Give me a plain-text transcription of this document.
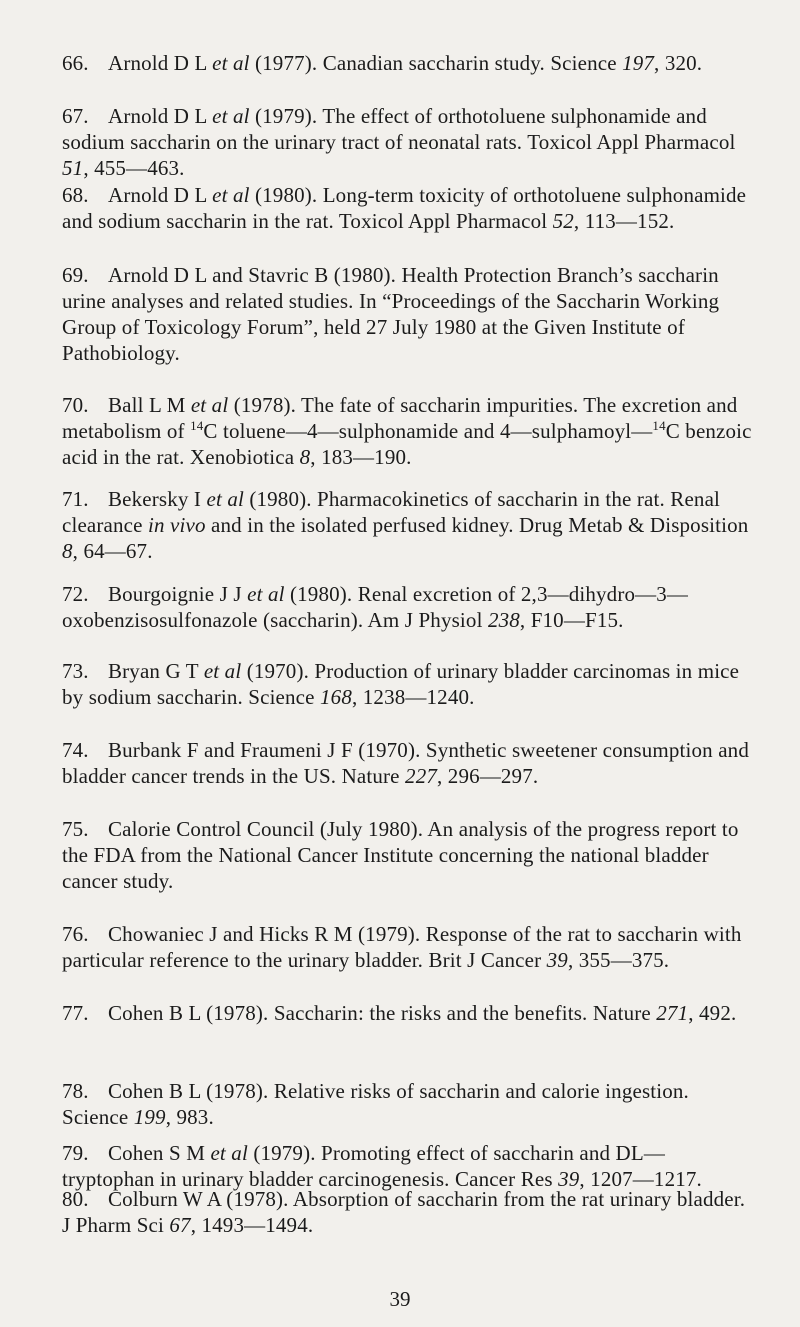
66. Arnold D L et al (1977). Canadian saccharin study. Science 197, 320.
67. Arnold D L et al (1979). The effect of orthotoluene sulphonamide and sodium saccharin on the urinary tract of neonatal rats. Toxicol Appl Pharmacol 51, 455—463.
68. Arnold D L et al (1980). Long-term toxicity of orthotoluene sulphonamide and sodium saccharin in the rat. Toxicol Appl Pharmacol 52, 113—152.
69. Arnold D L and Stavric B (1980). Health Protection Branch’s saccharin urine analyses and related studies. In “Proceedings of the Saccharin Working Group of Toxicology Forum”, held 27 July 1980 at the Given Institute of Pathobiology.
70. Ball L M et al (1978). The fate of saccharin impurities. The excretion and metabolism of $^{14}$C toluene—4—sulphonamide and 4—sulphamoyl—$^{14}$C benzoic acid in the rat. Xenobiotica 8, 183—190.
71. Bekersky I et al (1980). Pharmacokinetics of saccharin in the rat. Renal clearance in vivo and in the isolated perfused kidney. Drug Metab & Disposition 8, 64—67.
72. Bourgoignie J J et al (1980). Renal excretion of 2,3—dihydro—3—oxobenzisosulfonazole (saccharin). Am J Physiol 238, F10—F15.
73. Bryan G T et al (1970). Production of urinary bladder carcinomas in mice by sodium saccharin. Science 168, 1238—1240.
74. Burbank F and Fraumeni J F (1970). Synthetic sweetener consumption and bladder cancer trends in the US. Nature 227, 296—297.
75. Calorie Control Council (July 1980). An analysis of the progress report to the FDA from the National Cancer Institute concerning the national bladder cancer study.
76. Chowaniec J and Hicks R M (1979). Response of the rat to saccharin with particular reference to the urinary bladder. Brit J Cancer 39, 355—375.
77. Cohen B L (1978). Saccharin: the risks and the benefits. Nature 271, 492.
78. Cohen B L (1978). Relative risks of saccharin and calorie ingestion. Science 199, 983.
79. Cohen S M et al (1979). Promoting effect of saccharin and DL—tryptophan in urinary bladder carcinogenesis. Cancer Res 39, 1207—1217.
80. Colburn W A (1978). Absorption of saccharin from the rat urinary bladder. J Pharm Sci 67, 1493—1494.
39
